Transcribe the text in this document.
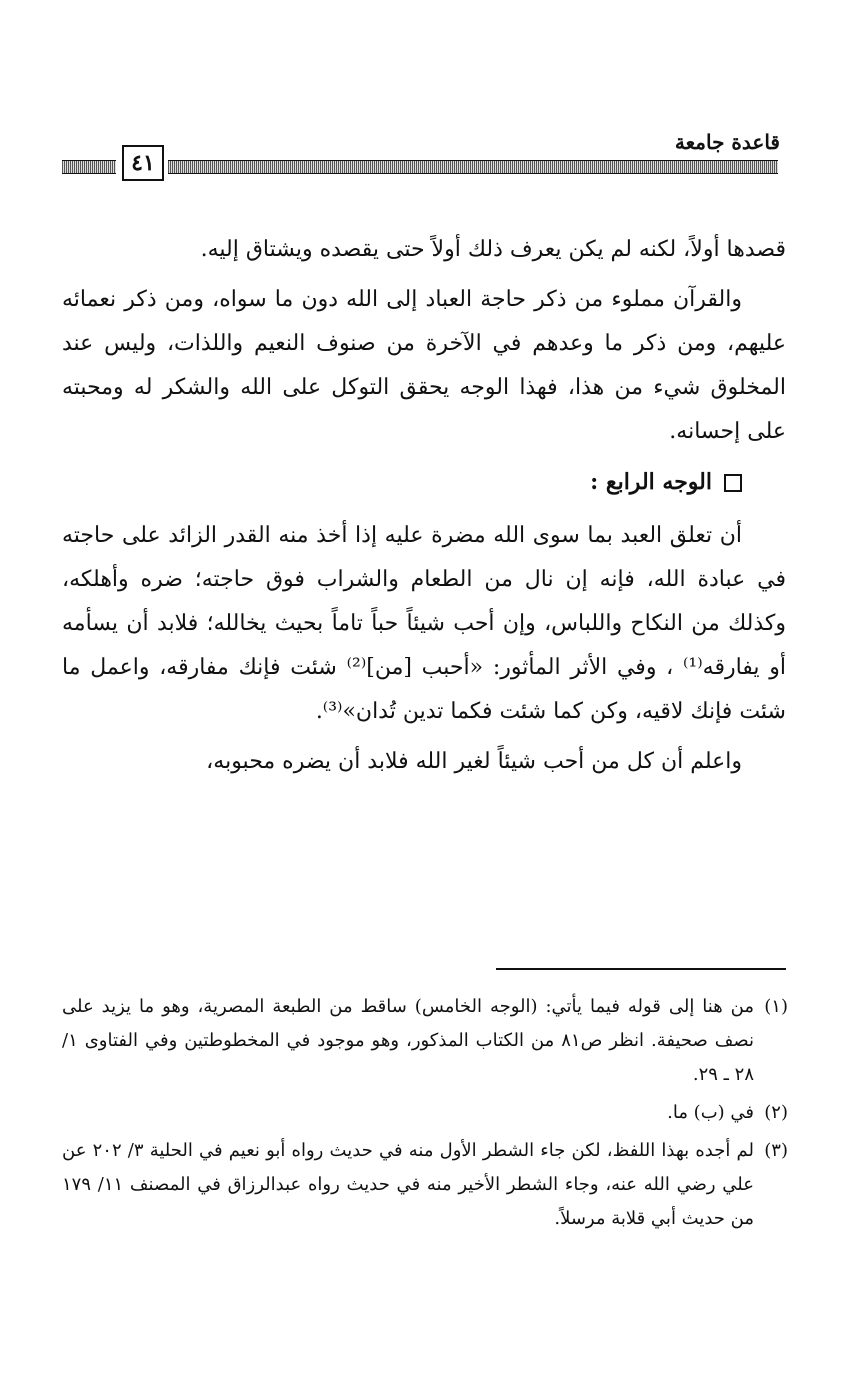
قاعدة جامعة
٤١

قصدها أولاً، لكنه لم يكن يعرف ذلك أولاً حتى يقصده ويشتاق إليه.

والقرآن مملوء من ذكر حاجة العباد إلى الله دون ما سواه، ومن ذكر نعمائه عليهم، ومن ذكر ما وعدهم في الآخرة من صنوف النعيم واللذات، وليس عند المخلوق شيء من هذا، فهذا الوجه يحقق التوكل على الله والشكر له ومحبته على إحسانه.

الوجه الرابع :

أن تعلق العبد بما سوى الله مضرة عليه إذا أخذ منه القدر الزائد على حاجته في عبادة الله، فإنه إن نال من الطعام والشراب فوق حاجته؛ ضره وأهلكه، وكذلك من النكاح واللباس، وإن أحب شيئاً حباً تاماً بحيث يخالله؛ فلابد أن يسأمه أو يفارقه⁽¹⁾ ، وفي الأثر المأثور: «أحبب [من]⁽²⁾ شئت فإنك مفارقه، واعمل ما شئت فإنك لاقيه، وكن كما شئت فكما تدين تُدان»⁽³⁾.

واعلم أن كل من أحب شيئاً لغير الله فلابد أن يضره محبوبه،

(١)من هنا إلى قوله فيما يأتي: (الوجه الخامس) ساقط من الطبعة المصرية، وهو ما يزيد على نصف صحيفة. انظر ص٨١ من الكتاب المذكور، وهو موجود في المخطوطتين وفي الفتاوى ١/ ٢٨ ـ ٢٩.

(٢)في (ب) ما.

(٣)لم أجده بهذا اللفظ، لكن جاء الشطر الأول منه في حديث رواه أبو نعيم في الحلية ٣/ ٢٠٢ عن علي رضي الله عنه، وجاء الشطر الأخير منه في حديث رواه عبدالرزاق في المصنف ١١/ ١٧٩ من حديث أبي قلابة مرسلاً.
